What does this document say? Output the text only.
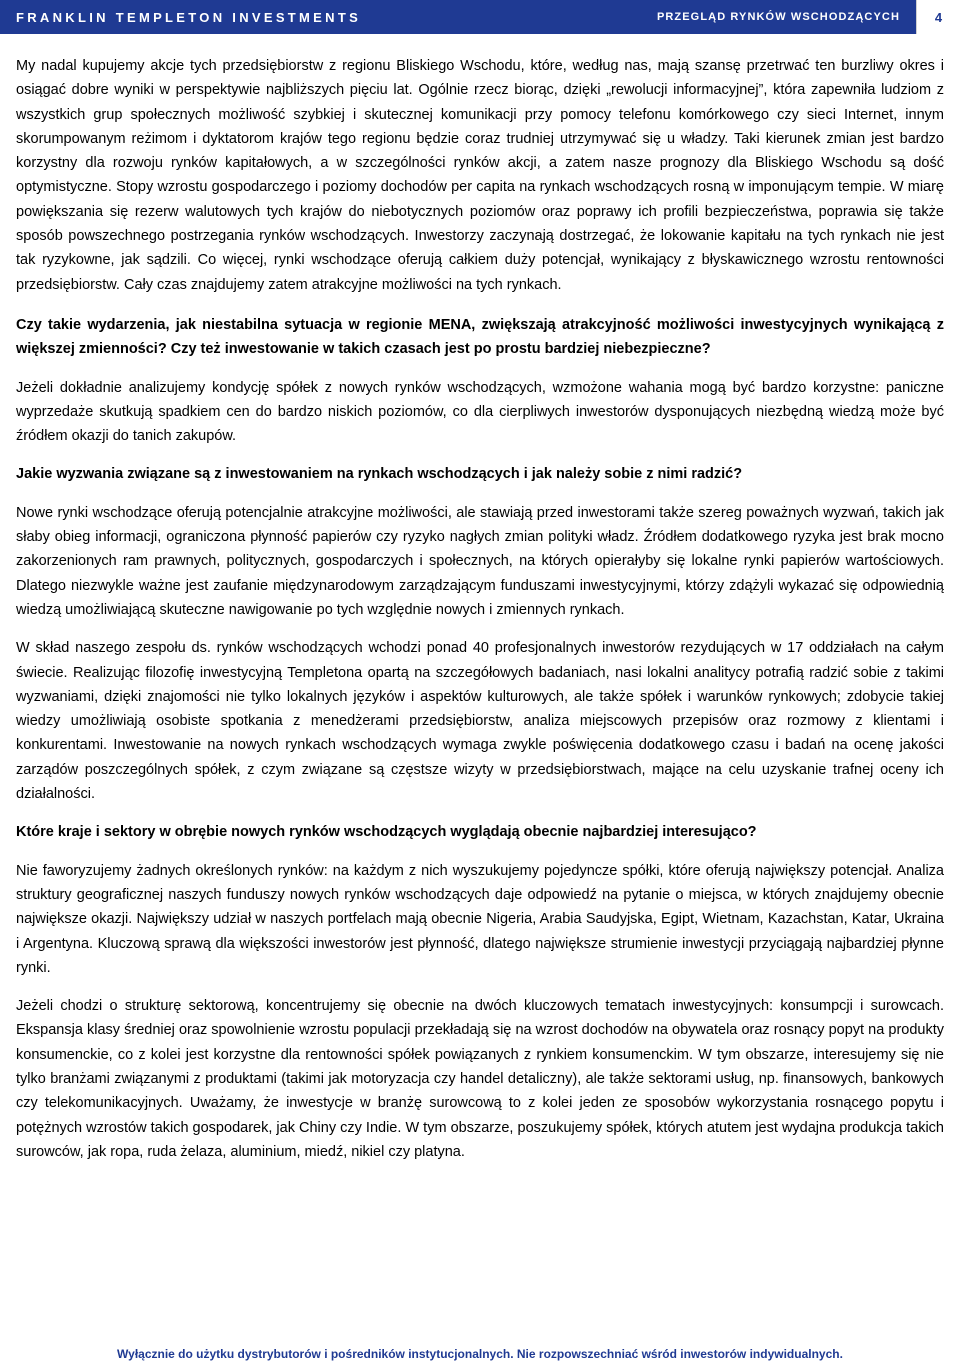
FRANKLIN TEMPLETON INVESTMENTS	PRZEGLĄD RYNKÓW WSCHODZĄCYCH	4

My nadal kupujemy akcje tych przedsiębiorstw z regionu Bliskiego Wschodu, które, według nas, mają szansę przetrwać ten burzliwy okres i osiągać dobre wyniki w perspektywie najbliższych pięciu lat. Ogólnie rzecz biorąc, dzięki „rewolucji informacyjnej”, która zapewniła ludziom z wszystkich grup społecznych możliwość szybkiej i skutecznej komunikacji przy pomocy telefonu komórkowego czy sieci Internet, innym skorumpowanym reżimom i dyktatorom krajów tego regionu będzie coraz trudniej utrzymywać się u władzy. Taki kierunek zmian jest bardzo korzystny dla rozwoju rynków kapitałowych, a w szczególności rynków akcji, a zatem nasze prognozy dla Bliskiego Wschodu są dość optymistyczne. Stopy wzrostu gospodarczego i poziomy dochodów per capita na rynkach wschodzących rosną w imponującym tempie. W miarę powiększania się rezerw walutowych tych krajów do niebotycznych poziomów oraz poprawy ich profili bezpieczeństwa, poprawia się także sposób powszechnego postrzegania rynków wschodzących. Inwestorzy zaczynają dostrzegać, że lokowanie kapitału na tych rynkach nie jest tak ryzykowne, jak sądzili. Co więcej, rynki wschodzące oferują całkiem duży potencjał, wynikający z błyskawicznego wzrostu rentowności przedsiębiorstw. Cały czas znajdujemy zatem atrakcyjne możliwości na tych rynkach.

Czy takie wydarzenia, jak niestabilna sytuacja w regionie MENA, zwiększają atrakcyjność możliwości inwestycyjnych wynikającą z większej zmienności? Czy też inwestowanie w takich czasach jest po prostu bardziej niebezpieczne?

Jeżeli dokładnie analizujemy kondycję spółek z nowych rynków wschodzących, wzmożone wahania mogą być bardzo korzystne: paniczne wyprzedaże skutkują spadkiem cen do bardzo niskich poziomów, co dla cierpliwych inwestorów dysponujących niezbędną wiedzą może być źródłem okazji do tanich zakupów.

Jakie wyzwania związane są z inwestowaniem na rynkach wschodzących i jak należy sobie z nimi radzić?

Nowe rynki wschodzące oferują potencjalnie atrakcyjne możliwości, ale stawiają przed inwestorami także szereg poważnych wyzwań, takich jak słaby obieg informacji, ograniczona płynność papierów czy ryzyko nagłych zmian polityki władz. Źródłem dodatkowego ryzyka jest brak mocno zakorzenionych ram prawnych, politycznych, gospodarczych i społecznych, na których opierałyby się lokalne rynki papierów wartościowych. Dlatego niezwykle ważne jest zaufanie międzynarodowym zarządzającym funduszami inwestycyjnymi, którzy zdążyli wykazać się odpowiednią wiedzą umożliwiającą skuteczne nawigowanie po tych względnie nowych i zmiennych rynkach.

W skład naszego zespołu ds. rynków wschodzących wchodzi ponad 40 profesjonalnych inwestorów rezydujących w 17 oddziałach na całym świecie. Realizując filozofię inwestycyjną Templetona opartą na szczegółowych badaniach, nasi lokalni analitycy potrafią radzić sobie z takimi wyzwaniami, dzięki znajomości nie tylko lokalnych języków i aspektów kulturowych, ale także spółek i warunków rynkowych; zdobycie takiej wiedzy umożliwiają osobiste spotkania z menedżerami przedsiębiorstw, analiza miejscowych przepisów oraz rozmowy z klientami i konkurentami. Inwestowanie na nowych rynkach wschodzących wymaga zwykle poświęcenia dodatkowego czasu i badań na ocenę jakości zarządów poszczególnych spółek, z czym związane są częstsze wizyty w przedsiębiorstwach, mające na celu uzyskanie trafnej oceny ich działalności.

Które kraje i sektory w obrębie nowych rynków wschodzących wyglądają obecnie najbardziej interesująco?

Nie faworyzujemy żadnych określonych rynków: na każdym z nich wyszukujemy pojedyncze spółki, które oferują największy potencjał. Analiza struktury geograficznej naszych funduszy nowych rynków wschodzących daje odpowiedź na pytanie o miejsca, w których znajdujemy obecnie największe okazji. Największy udział w naszych portfelach mają obecnie Nigeria, Arabia Saudyjska, Egipt, Wietnam, Kazachstan, Katar, Ukraina i Argentyna. Kluczową sprawą dla większości inwestorów jest płynność, dlatego największe strumienie inwestycji przyciągają najbardziej płynne rynki.

Jeżeli chodzi o strukturę sektorową, koncentrujemy się obecnie na dwóch kluczowych tematach inwestycyjnych: konsumpcji i surowcach. Ekspansja klasy średniej oraz spowolnienie wzrostu populacji przekładają się na wzrost dochodów na obywatela oraz rosnący popyt na produkty konsumenckie, co z kolei jest korzystne dla rentowności spółek powiązanych z rynkiem konsumenckim. W tym obszarze, interesujemy się nie tylko branżami związanymi z produktami (takimi jak motoryzacja czy handel detaliczny), ale także sektorami usług, np. finansowych, bankowych czy telekomunikacyjnych. Uważamy, że inwestycje w branżę surowcową to z kolei jeden ze sposobów wykorzystania rosnącego popytu i potężnych wzrostów takich gospodarek, jak Chiny czy Indie. W tym obszarze, poszukujemy spółek, których atutem jest wydajna produkcja takich surowców, jak ropa, ruda żelaza, aluminium, miedź, nikiel czy platyna.

Wyłącznie do użytku dystrybutorów i pośredników instytucjonalnych. Nie rozpowszechniać wśród inwestorów indywidualnych.
